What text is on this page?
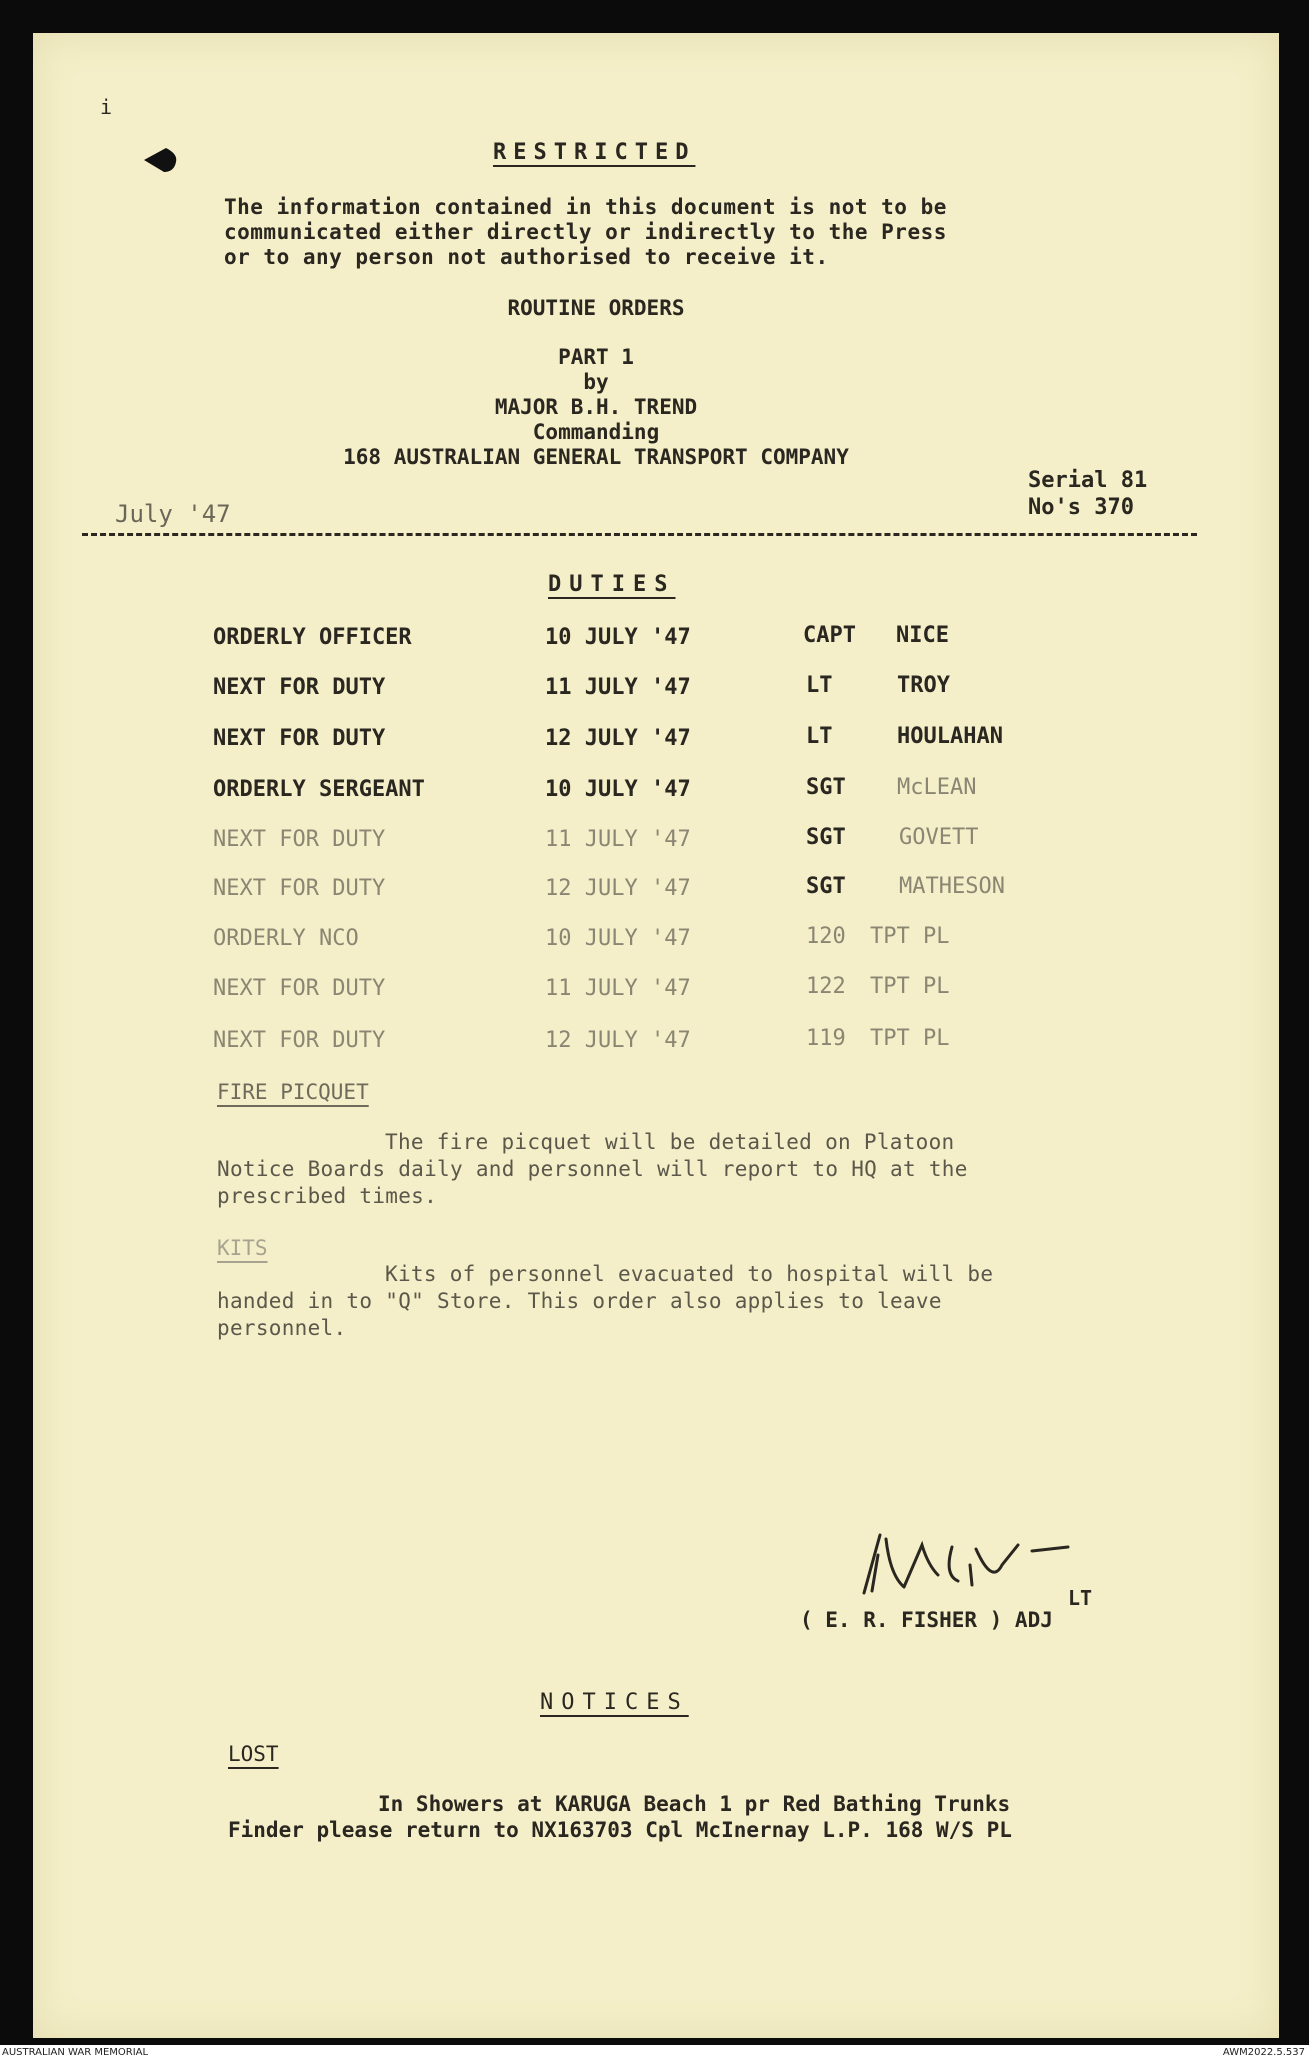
i
RESTRICTED
The information contained in this document is not to be
communicated either directly or indirectly to the Press
or to any person not authorised to receive it.
ROUTINE ORDERS
PART 1
by
MAJOR B.H. TREND
Commanding
168 AUSTRALIAN GENERAL TRANSPORT COMPANY
Serial 81
No's 370
July '47
DUTIES
ORDERLY OFFICER	10 JULY '47	CAPT NICE
NEXT FOR DUTY	11 JULY '47	LT	TROY
NEXT FOR DUTY	12 JULY '47	LT	HOULAHAN
ORDERLY SERGEANT	10 JULY '47	SGT McLEAN
NEXT FOR DUTY	11 JULY '47	SGT GOVETT
NEXT FOR DUTY	12 JULY '47	SGT MATHESON
ORDERLY NCO	10 JULY '47	120 TPT PL
NEXT FOR DUTY	11 JULY '47	122 TPT PL
NEXT FOR DUTY	12 JULY '47	119 TPT PL
FIRE PICQUET
The fire picquet will be detailed on Platoon
Notice Boards daily and personnel will report to HQ at the
prescribed times.
KITS
Kits of personnel evacuated to hospital will be
handed in to "Q" Store. This order also applies to leave
personnel.
LT
( E. R. FISHER ) ADJ
NOTICES
LOST
In Showers at KARUGA Beach 1 pr Red Bathing Trunks
Finder please return to NX163703 Cpl McInernay L.P. 168 W/S PL
AUSTRALIAN WAR MEMORIAL	AWM2022.5.537
